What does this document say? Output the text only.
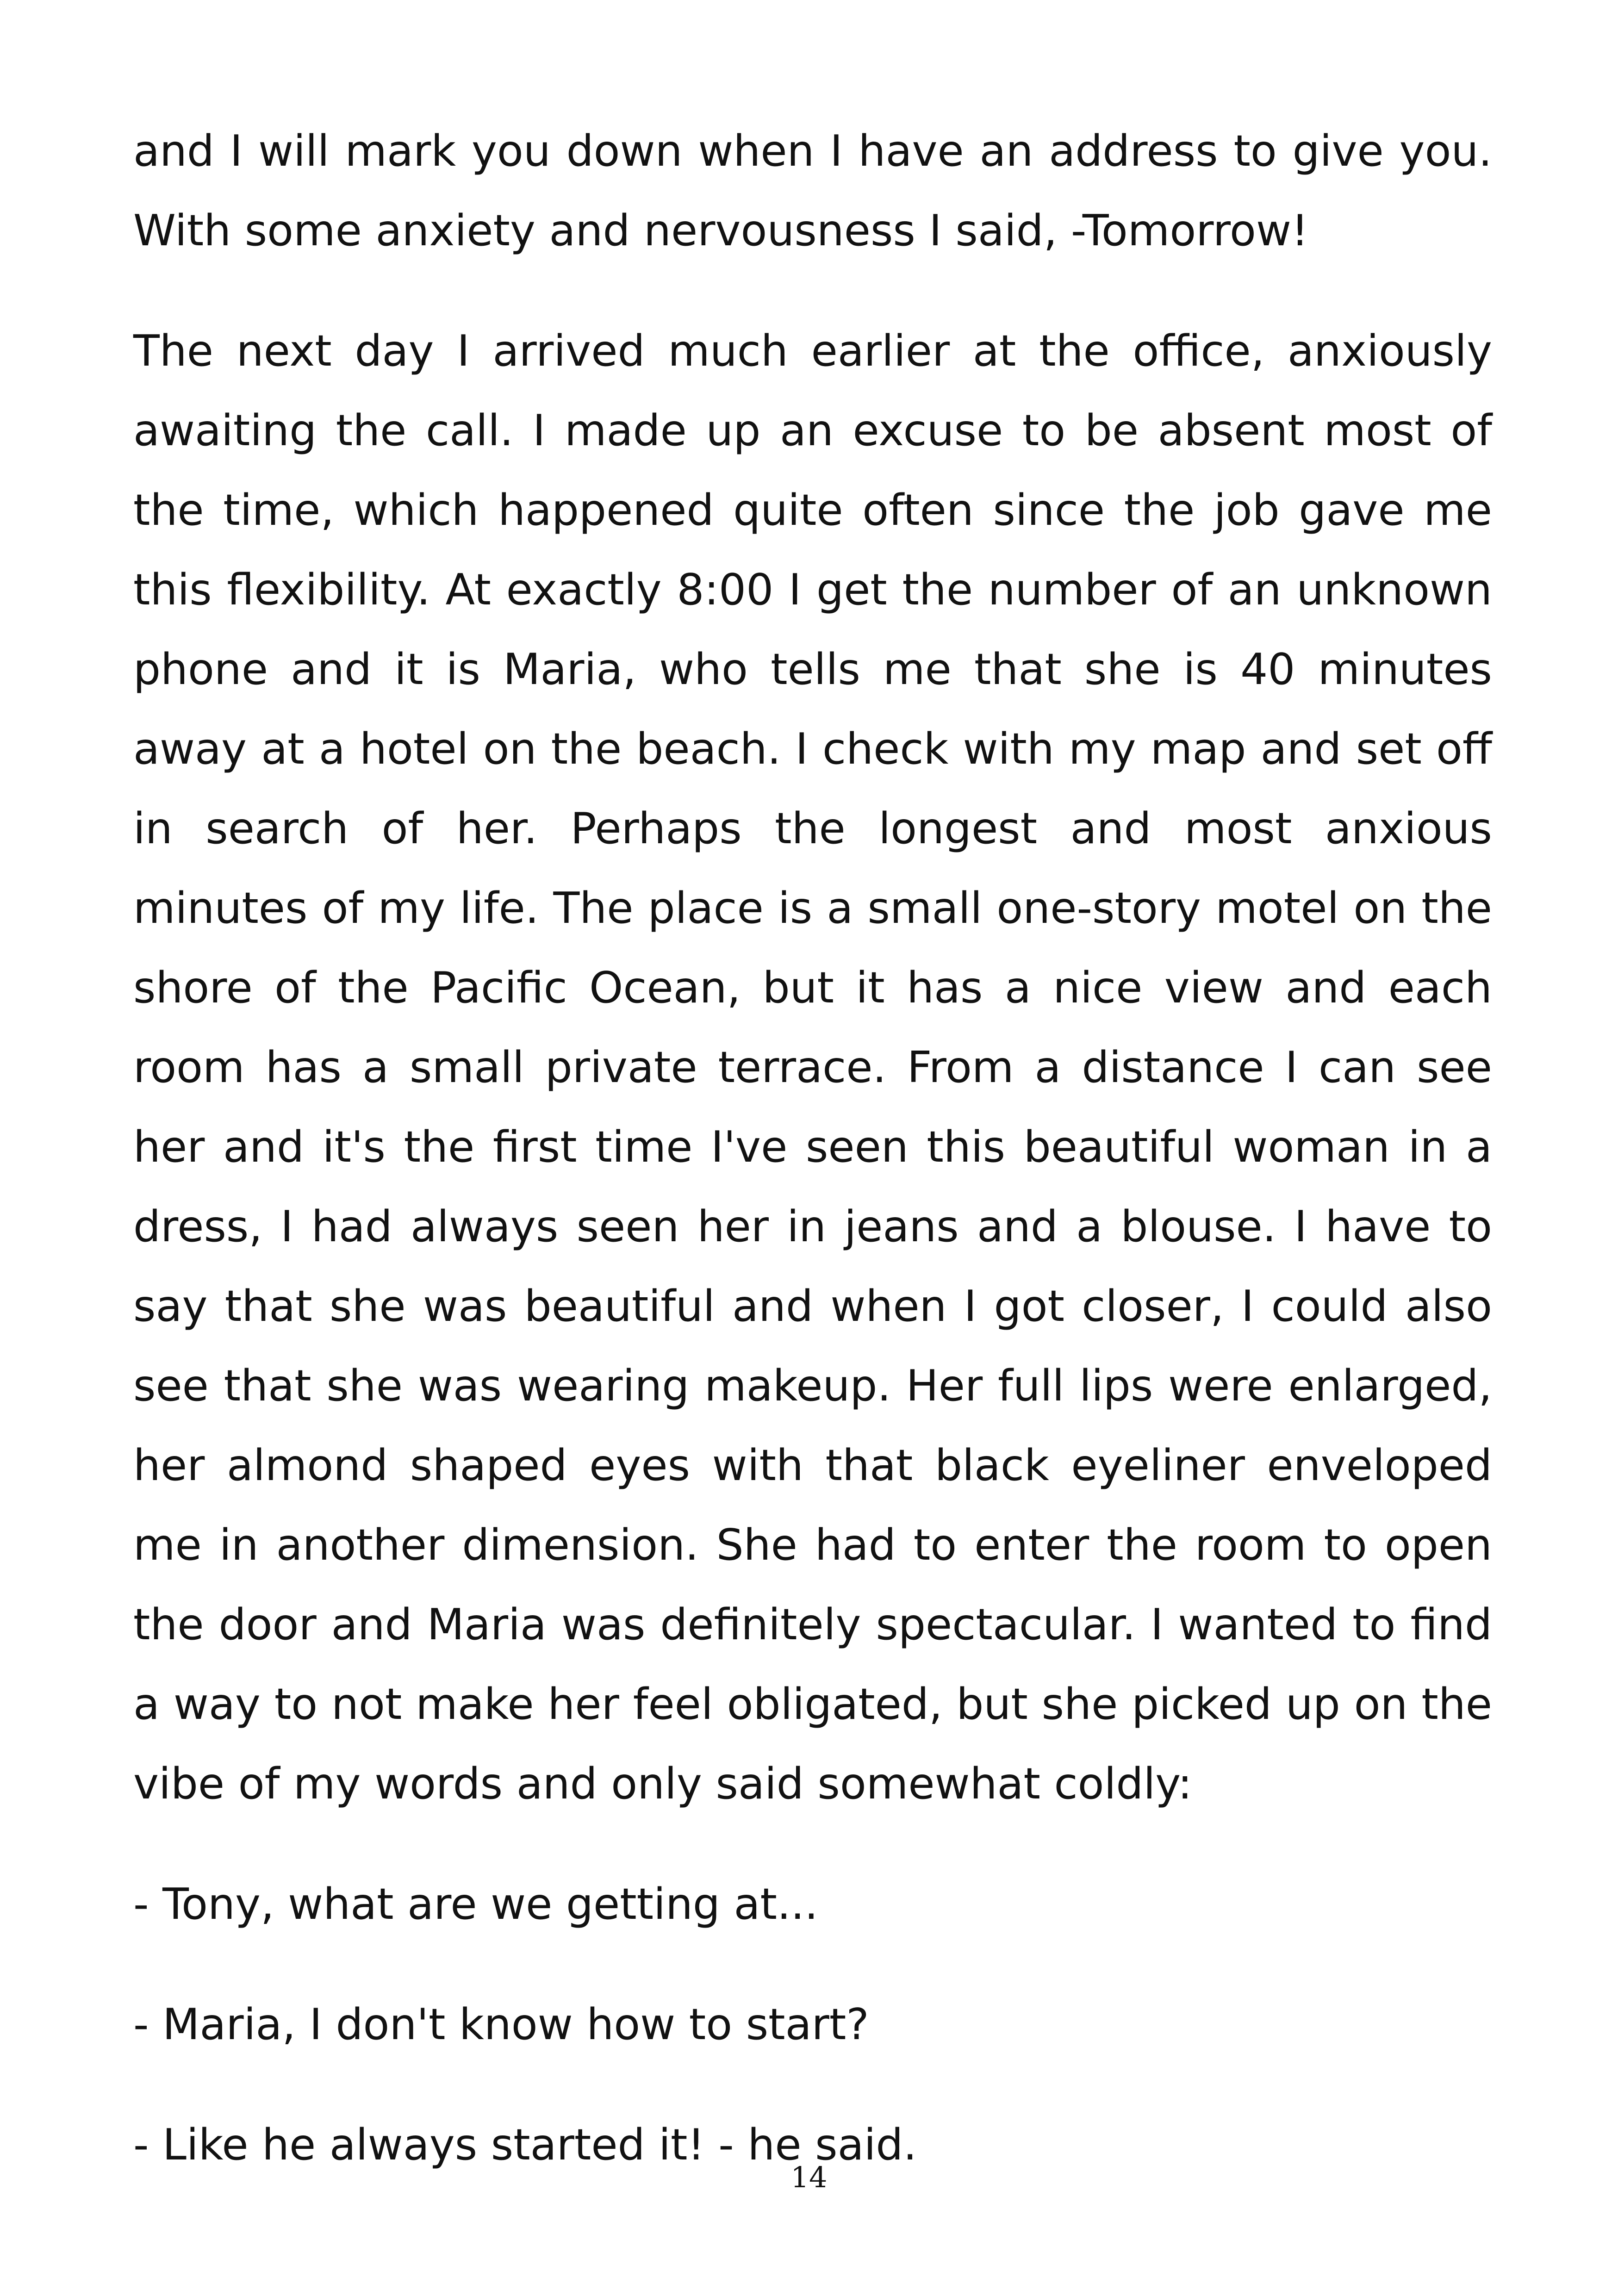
and I will mark you down when I have an address to give you. With some anxiety and nervousness I said, -Tomorrow!

The next day I arrived much earlier at the office, anxiously awaiting the call. I made up an excuse to be absent most of the time, which happened quite often since the job gave me this flexibility. At exactly 8:00 I get the number of an unknown phone and it is Maria, who tells me that she is 40 minutes away at a hotel on the beach. I check with my map and set off in search of her. Perhaps the longest and most anxious minutes of my life. The place is a small one-story motel on the shore of the Pacific Ocean, but it has a nice view and each room has a small private terrace. From a distance I can see her and it's the first time I've seen this beautiful woman in a dress, I had always seen her in jeans and a blouse. I have to say that she was beautiful and when I got closer, I could also see that she was wearing makeup. Her full lips were enlarged, her almond shaped eyes with that black eyeliner enveloped me in another dimension. She had to enter the room to open the door and Maria was definitely spectacular. I wanted to find a way to not make her feel obligated, but she picked up on the vibe of my words and only said somewhat coldly:

- Tony, what are we getting at...

- Maria, I don't know how to start?

- Like he always started it! - he said.

14
